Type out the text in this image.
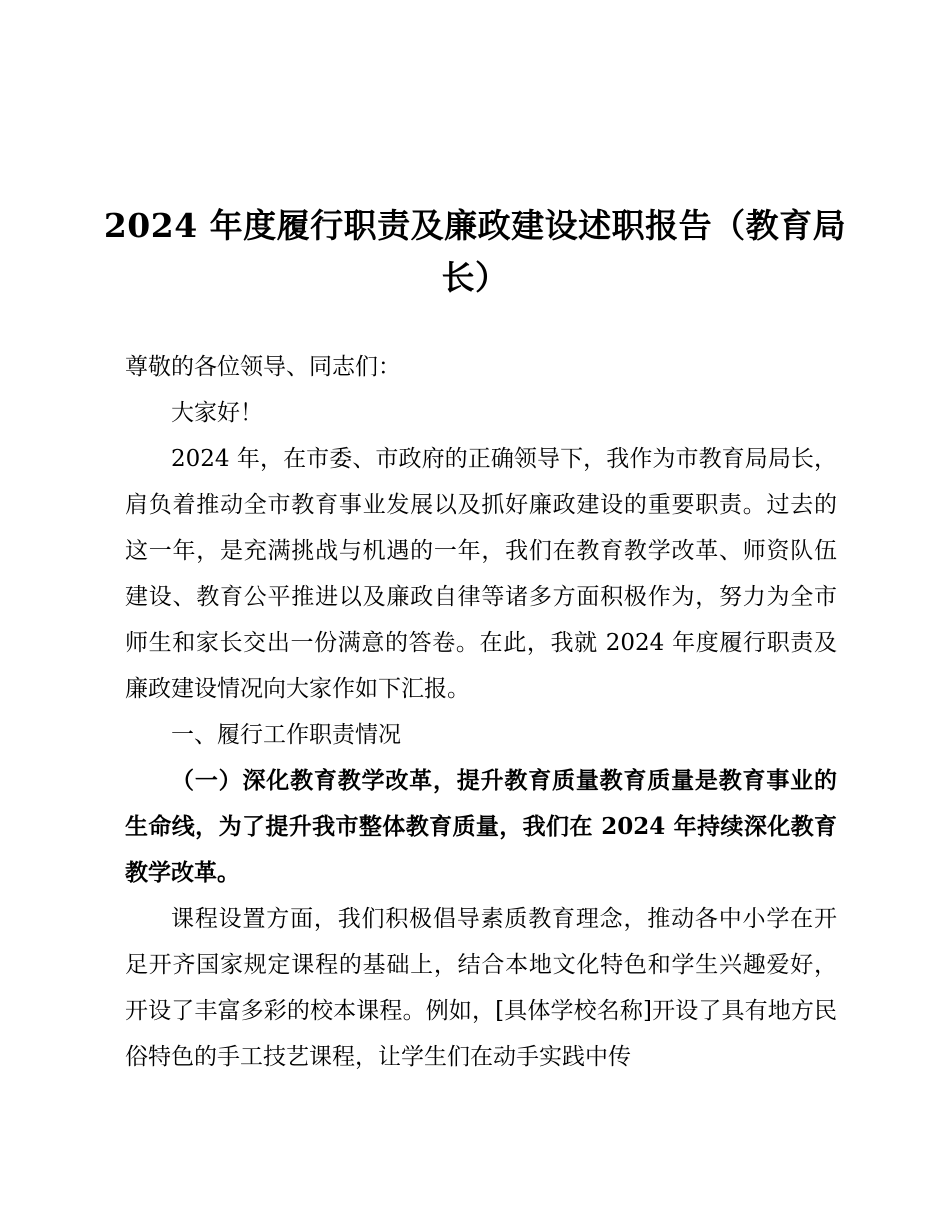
2024 年度履行职责及廉政建设述职报告（教育局长）

尊敬的各位领导、同志们：

大家好！

2024 年，在市委、市政府的正确领导下，我作为市教育局局长，肩负着推动全市教育事业发展以及抓好廉政建设的重要职责。过去的这一年，是充满挑战与机遇的一年，我们在教育教学改革、师资队伍建设、教育公平推进以及廉政自律等诸多方面积极作为，努力为全市师生和家长交出一份满意的答卷。在此，我就 2024 年度履行职责及廉政建设情况向大家作如下汇报。

一、履行工作职责情况

（一）深化教育教学改革，提升教育质量教育质量是教育事业的生命线，为了提升我市整体教育质量，我们在 2024 年持续深化教育教学改革。

课程设置方面，我们积极倡导素质教育理念，推动各中小学在开足开齐国家规定课程的基础上，结合本地文化特色和学生兴趣爱好，开设了丰富多彩的校本课程。例如，[具体学校名称]开设了具有地方民俗特色的手工技艺课程，让学生们在动手实践中传
